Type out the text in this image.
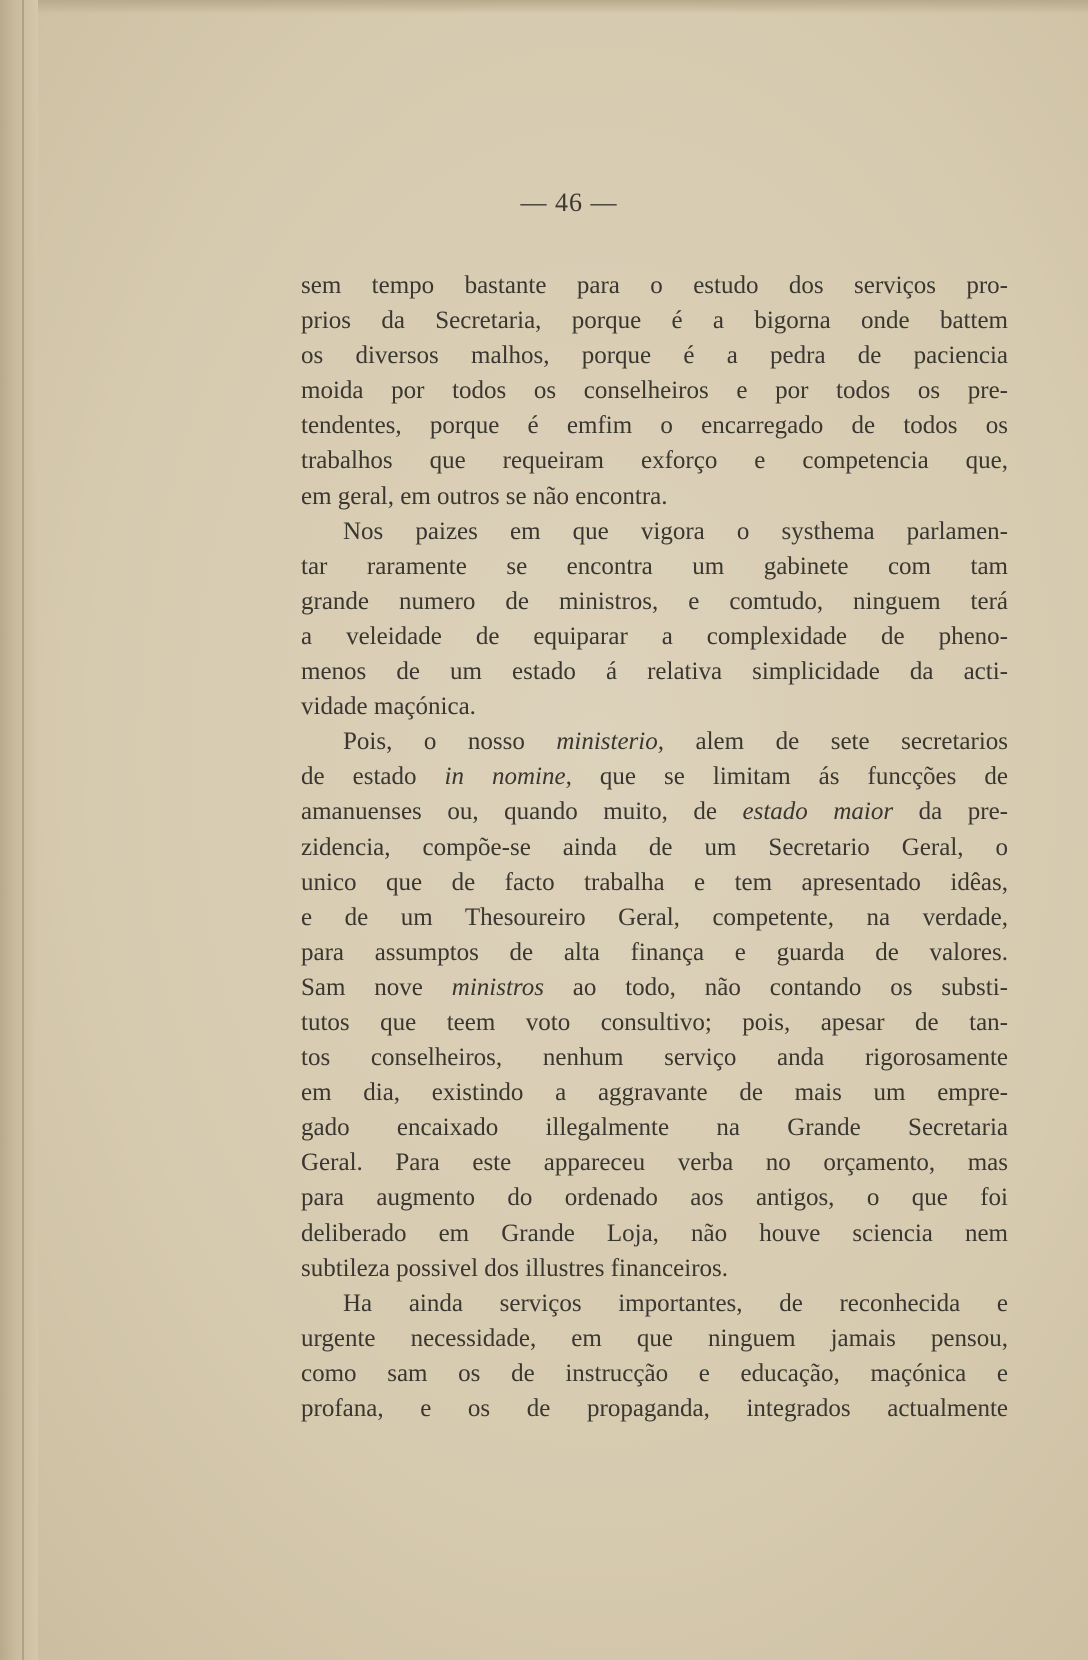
— 46 —
sem tempo bastante para o estudo dos serviços pro-
prios da Secretaria, porque é a bigorna onde battem
os diversos malhos, porque é a pedra de paciencia
moida por todos os conselheiros e por todos os pre-
tendentes, porque é emfim o encarregado de todos os
trabalhos que requeiram exforço e competencia que,
em geral, em outros se não encontra.
Nos paizes em que vigora o systhema parlamen-
tar raramente se encontra um gabinete com tam
grande numero de ministros, e comtudo, ninguem terá
a veleidade de equiparar a complexidade de pheno-
menos de um estado á relativa simplicidade da acti-
vidade maçónica.
Pois, o nosso ministerio, alem de sete secretarios
de estado in nomine, que se limitam ás funcções de
amanuenses ou, quando muito, de estado maior da pre-
zidencia, compõe-se ainda de um Secretario Geral, o
unico que de facto trabalha e tem apresentado idêas,
e de um Thesoureiro Geral, competente, na verdade,
para assumptos de alta finança e guarda de valores.
Sam nove ministros ao todo, não contando os substi-
tutos que teem voto consultivo; pois, apesar de tan-
tos conselheiros, nenhum serviço anda rigorosamente
em dia, existindo a aggravante de mais um empre-
gado encaixado illegalmente na Grande Secretaria
Geral. Para este appareceu verba no orçamento, mas
para augmento do ordenado aos antigos, o que foi
deliberado em Grande Loja, não houve sciencia nem
subtileza possivel dos illustres financeiros.
Ha ainda serviços importantes, de reconhecida e
urgente necessidade, em que ninguem jamais pensou,
como sam os de instrucção e educação, maçónica e
profana, e os de propaganda, integrados actualmente
